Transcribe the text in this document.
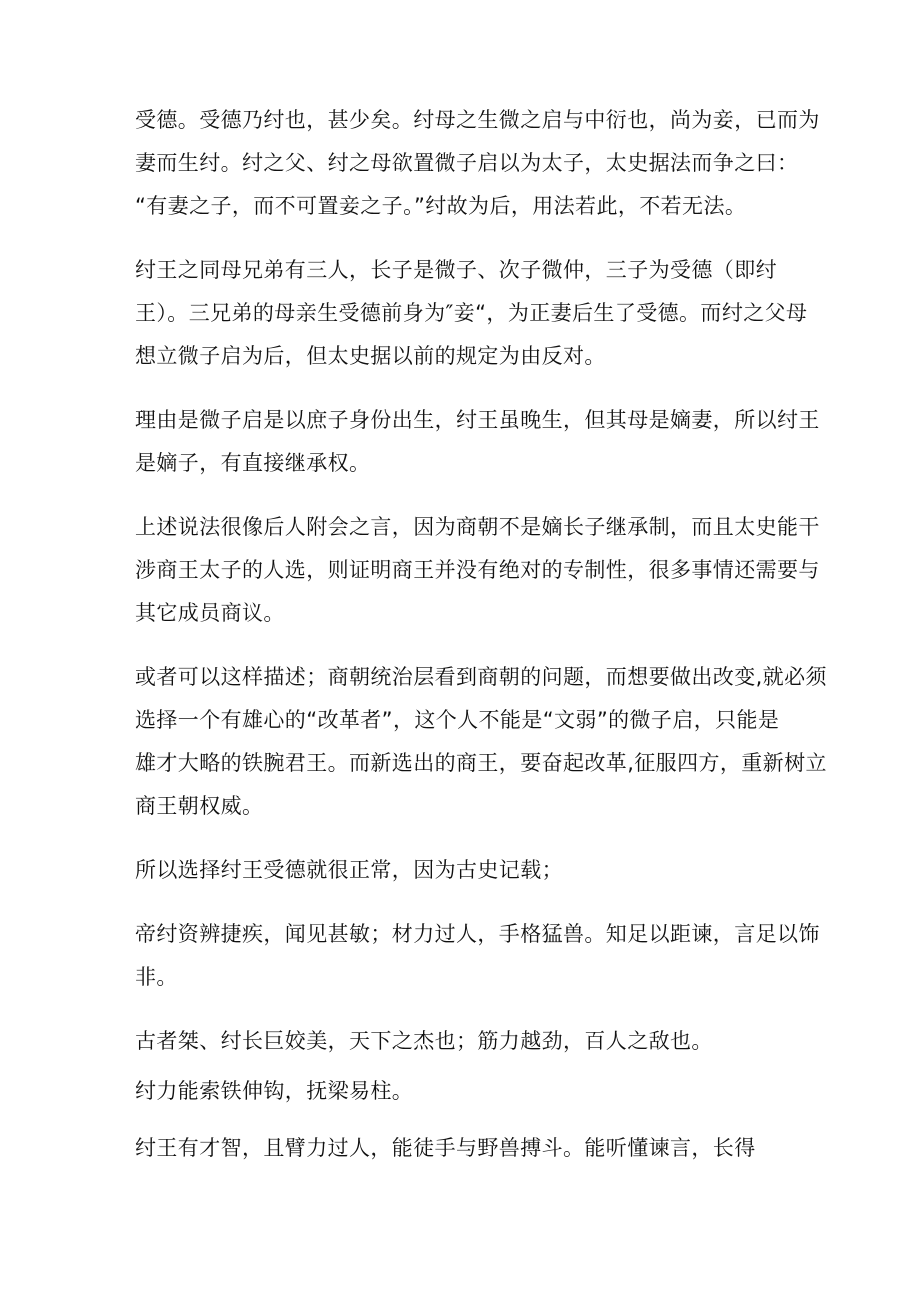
受德。受德乃纣也，甚少矣。纣母之生微之启与中衍也，尚为妾，已而为
妻而生纣。纣之父、纣之母欲置微子启以为太子，太史据法而争之曰：
“有妻之子，而不可置妾之子。”纣故为后，用法若此，不若无法。
纣王之同母兄弟有三人，长子是微子、次子微仲，三子为受德（即纣
王）。三兄弟的母亲生受德前身为″妾“，为正妻后生了受德。而纣之父母
想立微子启为后，但太史据以前的规定为由反对。
理由是微子启是以庶子身份出生，纣王虽晚生，但其母是嫡妻，所以纣王
是嫡子，有直接继承权。
上述说法很像后人附会之言，因为商朝不是嫡长子继承制，而且太史能干
涉商王太子的人选，则证明商王并没有绝对的专制性，很多事情还需要与
其它成员商议。
或者可以这样描述；商朝统治层看到商朝的问题，而想要做出改变,就必须
选择一个有雄心的“改革者”，这个人不能是“文弱”的微子启，只能是
雄才大略的铁腕君王。而新选出的商王，要奋起改革,征服四方，重新树立
商王朝权威。
所以选择纣王受德就很正常，因为古史记载；
帝纣资辨捷疾，闻见甚敏；材力过人，手格猛兽。知足以距谏，言足以饰
非。
古者桀、纣长巨姣美，天下之杰也；筋力越劲，百人之敌也。
纣力能索铁伸钩，抚梁易柱。
纣王有才智，且臂力过人，能徒手与野兽搏斗。能听懂谏言，长得
